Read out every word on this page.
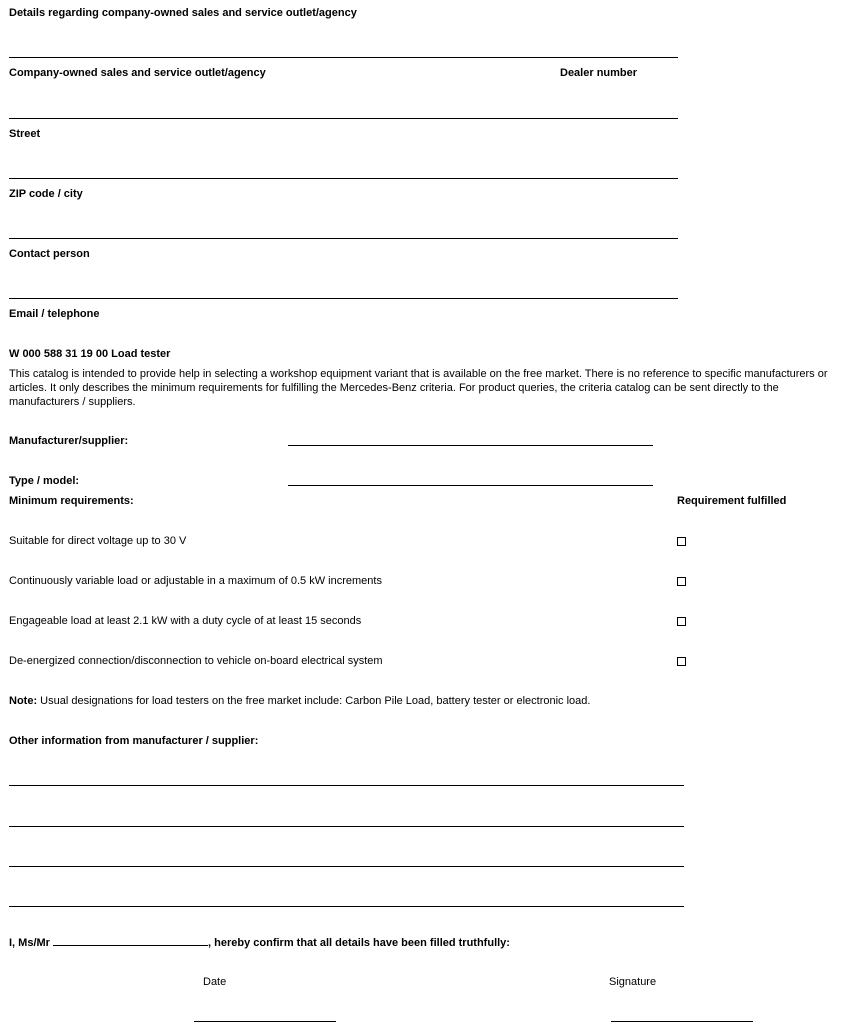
Details regarding company-owned sales and service outlet/agency
Company-owned sales and service outlet/agency	Dealer number
Street
ZIP code / city
Contact person
Email / telephone
W 000 588 31 19 00 Load tester
This catalog is intended to provide help in selecting a workshop equipment variant that is available on the free market. There is no reference to specific manufacturers or articles. It only describes the minimum requirements for fulfilling the Mercedes-Benz criteria. For product queries, the criteria catalog can be sent directly to the manufacturers / suppliers.
Manufacturer/supplier:
Type / model:
Minimum requirements:	Requirement fulfilled
Suitable for direct voltage up to 30 V
Continuously variable load or adjustable in a maximum of 0.5 kW increments
Engageable load at least 2.1 kW with a duty cycle of at least 15 seconds
De-energized connection/disconnection to vehicle on-board electrical system
Note: Usual designations for load testers on the free market include: Carbon Pile Load, battery tester or electronic load.
Other information from manufacturer / supplier:
I, Ms/Mr	, hereby confirm that all details have been filled truthfully:
Date	Signature
